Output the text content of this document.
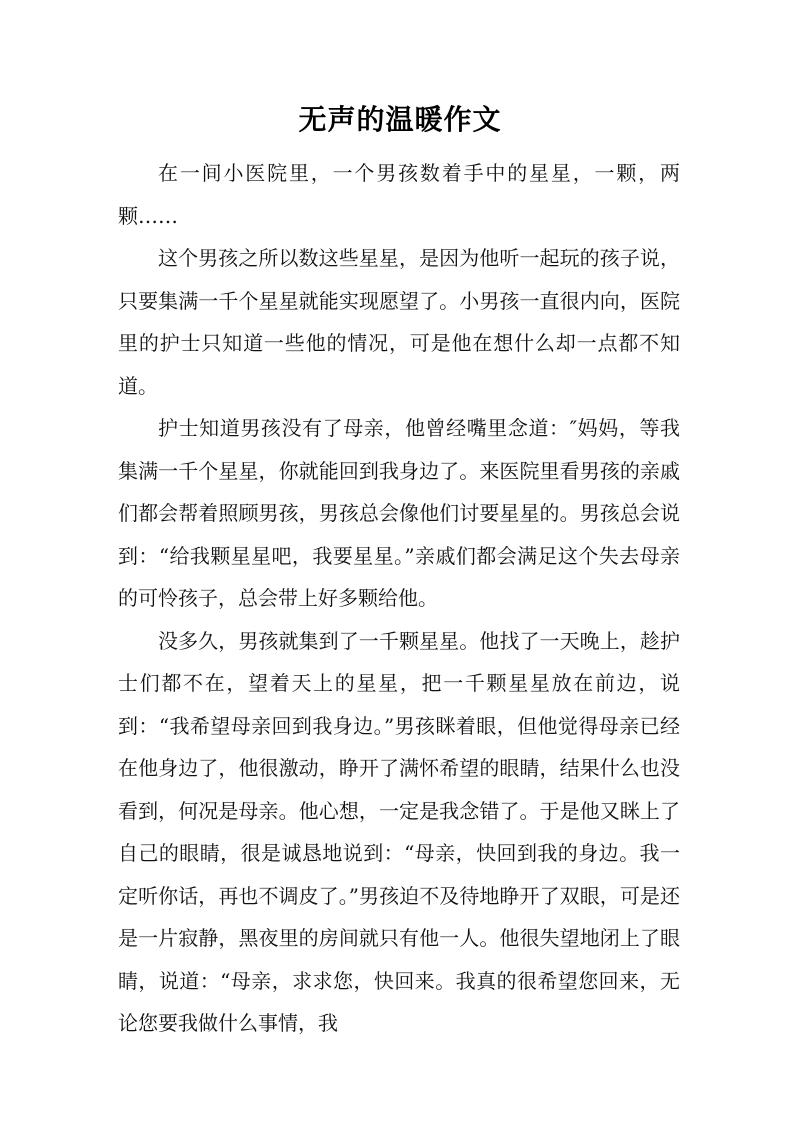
无声的温暖作文

在一间小医院里，一个男孩数着手中的星星，一颗，两颗……

这个男孩之所以数这些星星，是因为他听一起玩的孩子说，只要集满一千个星星就能实现愿望了。小男孩一直很内向，医院里的护士只知道一些他的情况，可是他在想什么却一点都不知道。

护士知道男孩没有了母亲，他曾经嘴里念道：″妈妈，等我集满一千个星星，你就能回到我身边了。来医院里看男孩的亲戚们都会帮着照顾男孩，男孩总会像他们讨要星星的。男孩总会说到：“给我颗星星吧，我要星星。”亲戚们都会满足这个失去母亲的可怜孩子，总会带上好多颗给他。

没多久，男孩就集到了一千颗星星。他找了一天晚上，趁护士们都不在，望着天上的星星，把一千颗星星放在前边，说到：“我希望母亲回到我身边。”男孩眯着眼，但他觉得母亲已经在他身边了，他很激动，睁开了满怀希望的眼睛，结果什么也没看到，何况是母亲。他心想，一定是我念错了。于是他又眯上了自己的眼睛，很是诚恳地说到：“母亲，快回到我的身边。我一定听你话，再也不调皮了。”男孩迫不及待地睁开了双眼，可是还是一片寂静，黑夜里的房间就只有他一人。他很失望地闭上了眼睛，说道：“母亲，求求您，快回来。我真的很希望您回来，无论您要我做什么事情，我
